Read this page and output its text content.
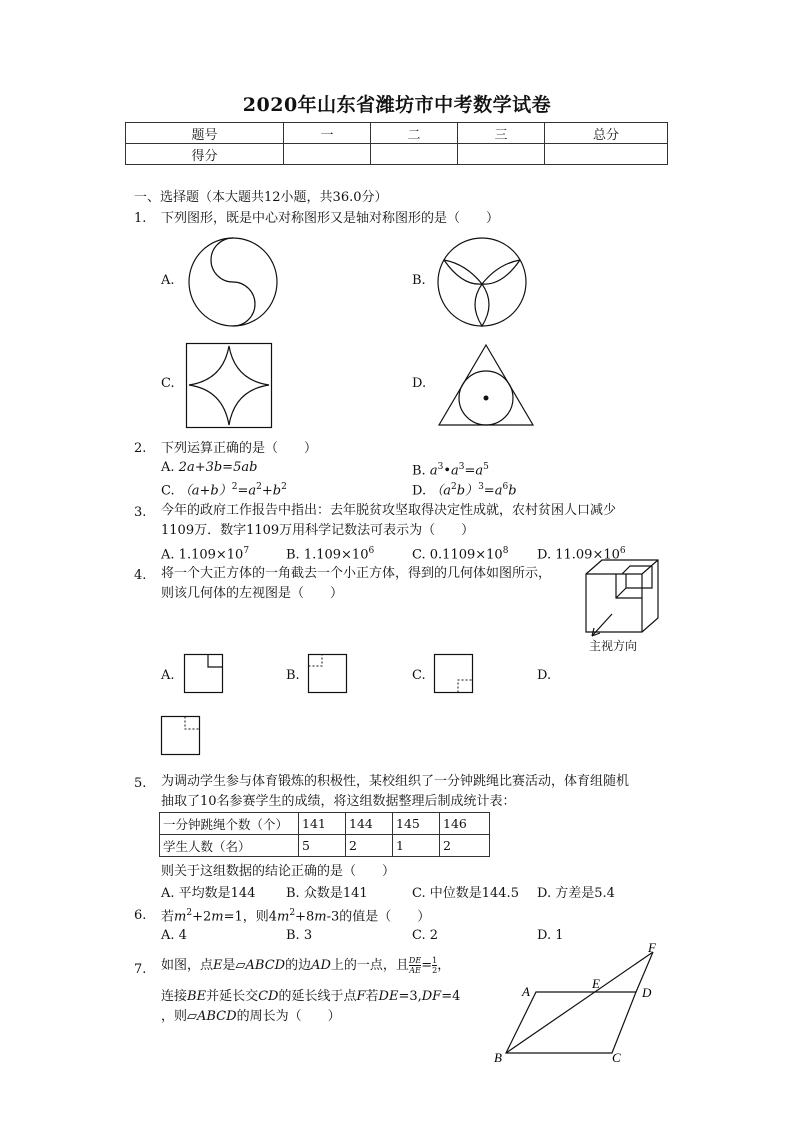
2020年山东省潍坊市中考数学试卷
题号	一	二	三	总分
得分				
一、选择题（本大题共12小题，共36.0分）
1. 下列图形，既是中心对称图形又是轴对称图形的是（　　）
A.	B.
C.	D.
2. 下列运算正确的是（　　）
A. 2a+3b=5ab	B. $a^3•a^3=a^5$
C. $(a+b)^2=a^2+b^2$	D. $(a^2b)^3=a^6b$
3. 今年的政府工作报告中指出：去年脱贫攻坚取得决定性成就，农村贫困人口减少
1109万．数字1109万用科学记数法可表示为（　　）
A. $1.109\times 10^7$	B. $1.109\times 10^6$	C. $0.1109\times 10^8$ D. $11.09\times 10^6$
4. 将一个大正方体的一角截去一个小正方体，得到的几何体如图所示，
则该几何体的左视图是（　　）
主视方向
A.	B.	C.	D.
5. 为调动学生参与体育锻炼的积极性，某校组织了一分钟跳绳比赛活动，体育组随机
抽取了10名参赛学生的成绩，将这组数据整理后制成统计表：
一分钟跳绳个数（个）	141	144	145	146
学生人数（名）	5	2	1	2
则关于这组数据的结论正确的是（　　）
A. 平均数是144 B. 众数是141	C. 中位数是144.5 D. 方差是5.4
6. 若$m^2+2m=1$，则$4m^2+8m-3$的值是（　　）
A. 4	B. 3	C. 2	D. 1
7. 如图，点E是▱ABCD的边AD上的一点，且 $\frac{DE}{AE} = \frac{1}{2}$ ，
连接BE并延长交CD的延长线于点F若DE=3,DF=4
，则▱ABCD的周长为（　　）
A
B	C
D
E
F
